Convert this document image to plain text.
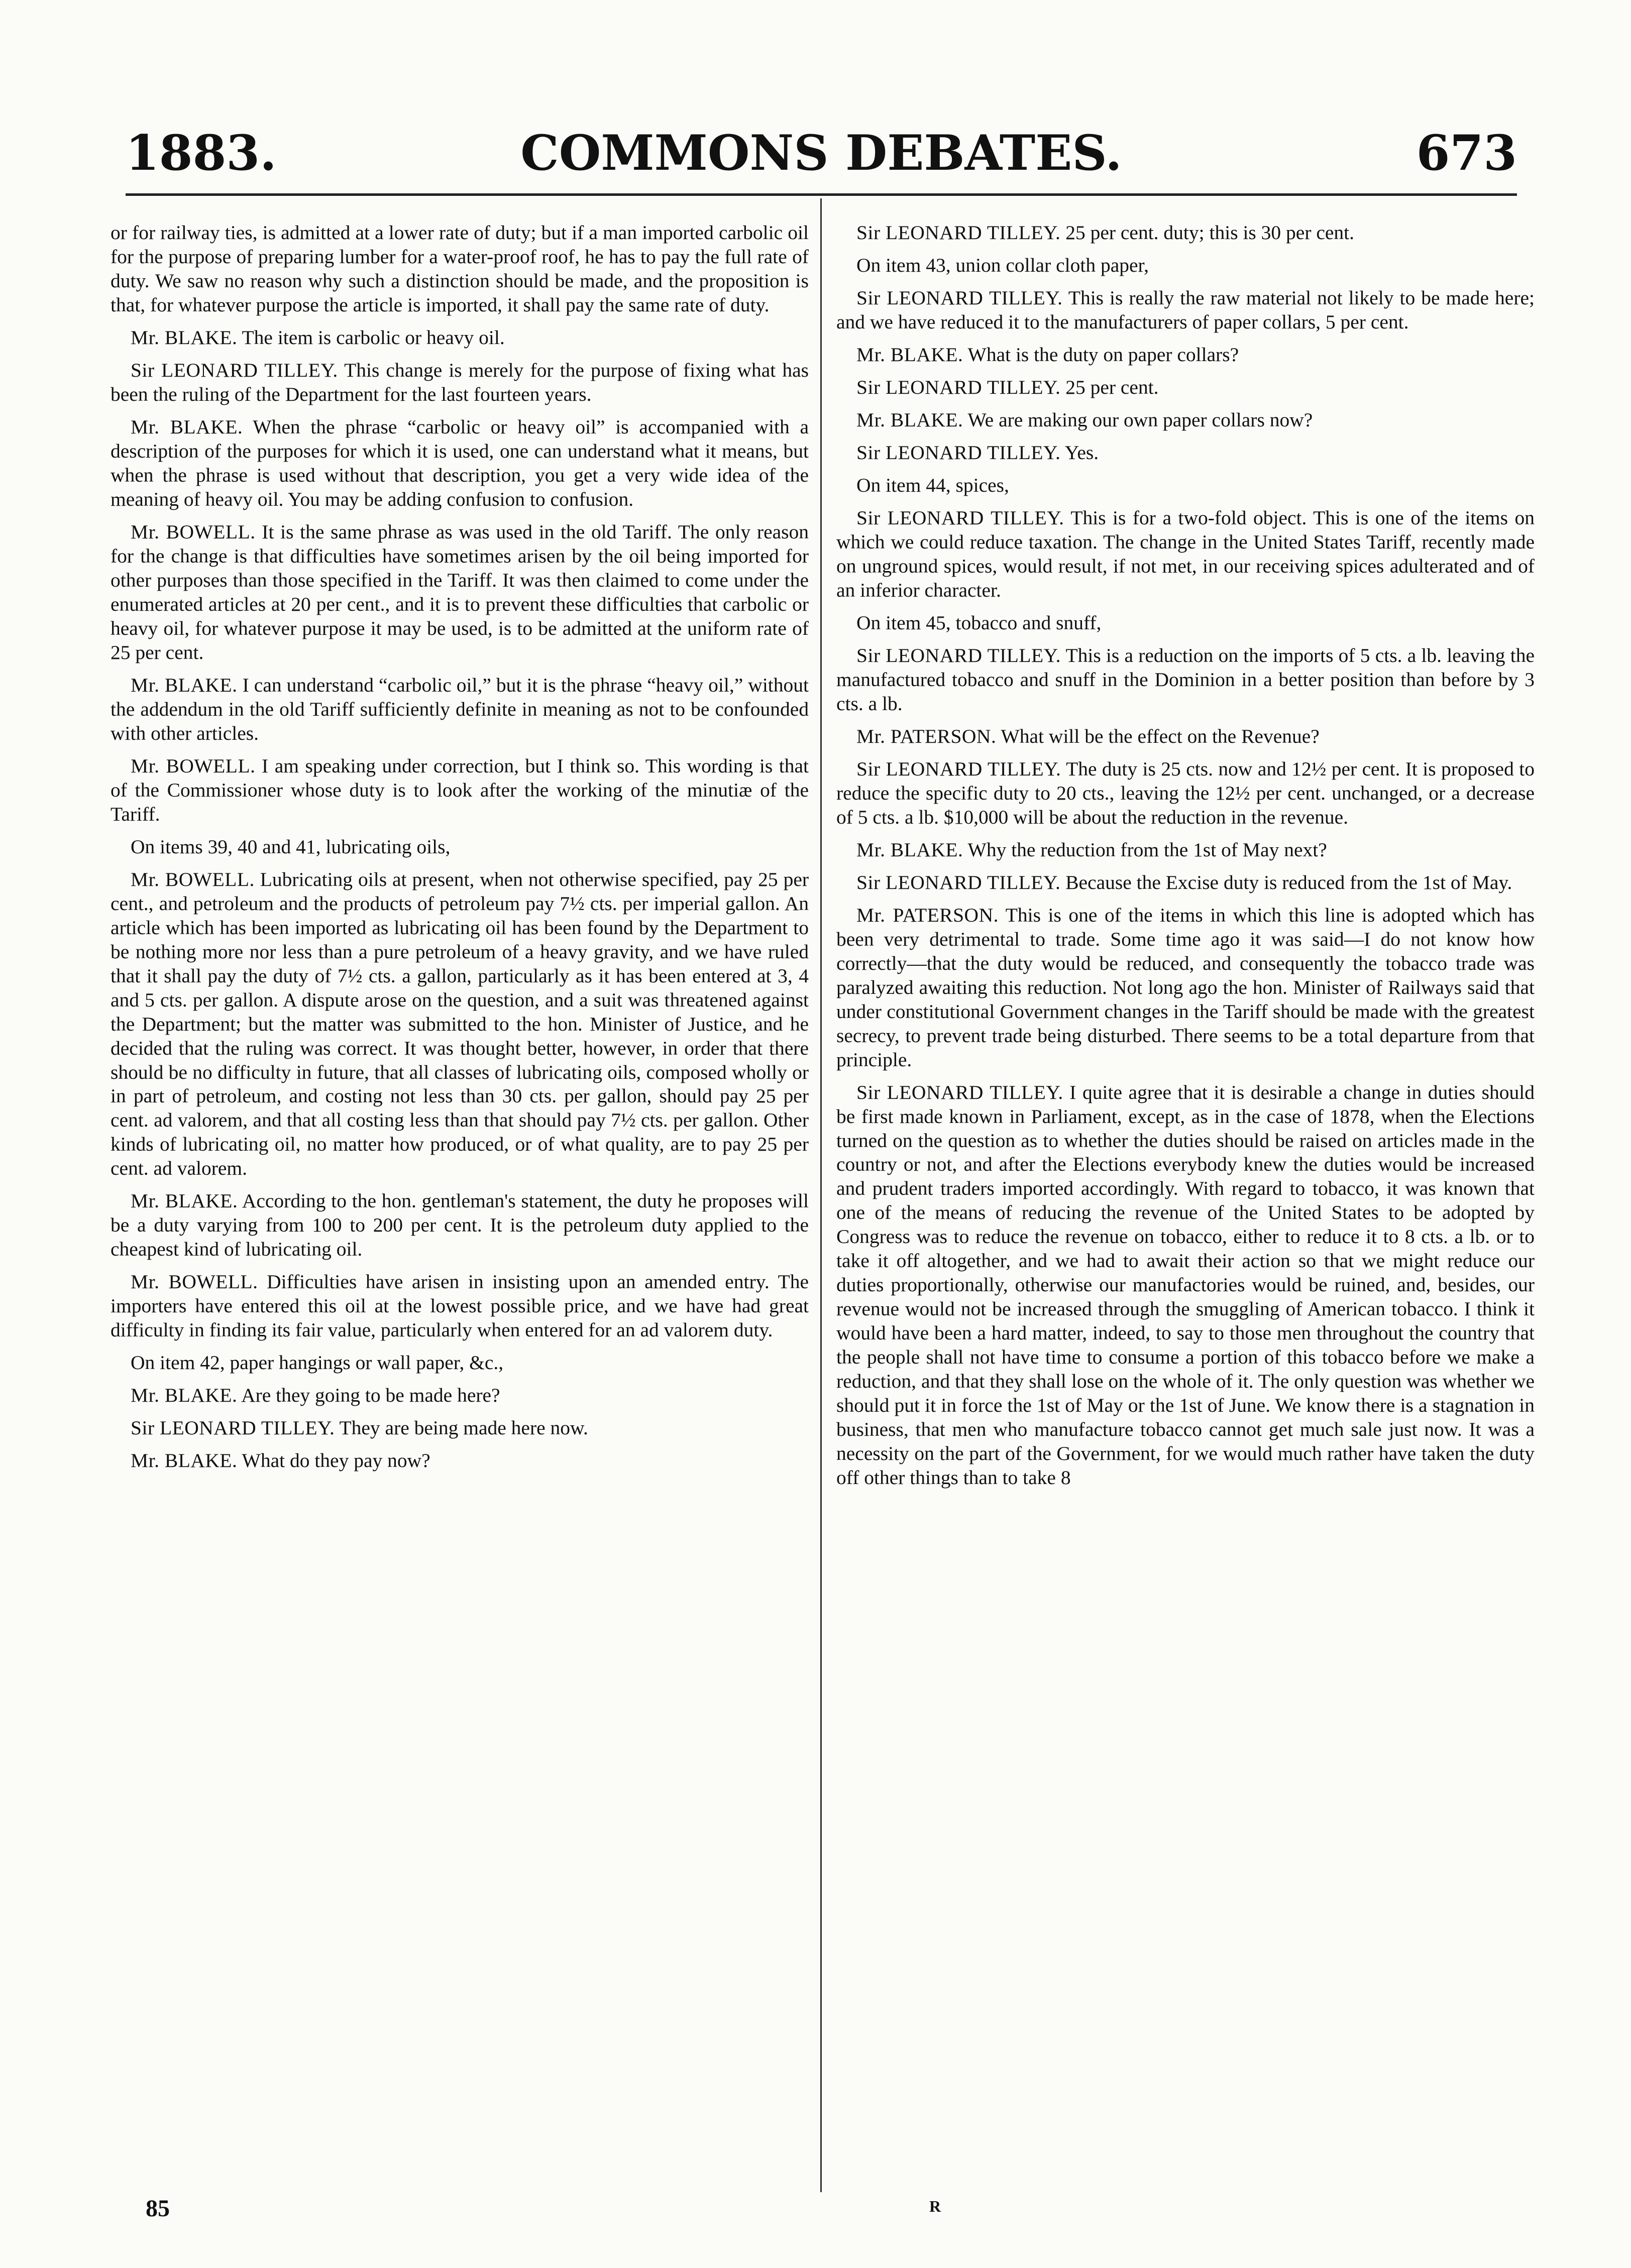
1883.	COMMONS DEBATES.	673

or for railway ties, is admitted at a lower rate of duty; but if a man imported carbolic oil for the purpose of preparing lumber for a water-proof roof, he has to pay the full rate of duty. We saw no reason why such a distinction should be made, and the proposition is that, for whatever purpose the article is imported, it shall pay the same rate of duty.

Mr. BLAKE. The item is carbolic or heavy oil.

Sir LEONARD TILLEY. This change is merely for the purpose of fixing what has been the ruling of the Department for the last fourteen years.

Mr. BLAKE. When the phrase “carbolic or heavy oil” is accompanied with a description of the purposes for which it is used, one can understand what it means, but when the phrase is used without that description, you get a very wide idea of the meaning of heavy oil. You may be adding confusion to confusion.

Mr. BOWELL. It is the same phrase as was used in the old Tariff. The only reason for the change is that difficulties have sometimes arisen by the oil being imported for other purposes than those specified in the Tariff. It was then claimed to come under the enumerated articles at 20 per cent., and it is to prevent these difficulties that carbolic or heavy oil, for whatever purpose it may be used, is to be admitted at the uniform rate of 25 per cent.

Mr. BLAKE. I can understand “carbolic oil,” but it is the phrase “heavy oil,” without the addendum in the old Tariff sufficiently definite in meaning as not to be confounded with other articles.

Mr. BOWELL. I am speaking under correction, but I think so. This wording is that of the Commissioner whose duty is to look after the working of the minutiæ of the Tariff.

On items 39, 40 and 41, lubricating oils,

Mr. BOWELL. Lubricating oils at present, when not otherwise specified, pay 25 per cent., and petroleum and the products of petroleum pay 7½ cts. per imperial gallon. An article which has been imported as lubricating oil has been found by the Department to be nothing more nor less than a pure petroleum of a heavy gravity, and we have ruled that it shall pay the duty of 7½ cts. a gallon, particularly as it has been entered at 3, 4 and 5 cts. per gallon. A dispute arose on the question, and a suit was threatened against the Department; but the matter was submitted to the hon. Minister of Justice, and he decided that the ruling was correct. It was thought better, however, in order that there should be no difficulty in future, that all classes of lubricating oils, composed wholly or in part of petroleum, and costing not less than 30 cts. per gallon, should pay 25 per cent. ad valorem, and that all costing less than that should pay 7½ cts. per gallon. Other kinds of lubricating oil, no matter how produced, or of what quality, are to pay 25 per cent. ad valorem.

Mr. BLAKE. According to the hon. gentleman's statement, the duty he proposes will be a duty varying from 100 to 200 per cent. It is the petroleum duty applied to the cheapest kind of lubricating oil.

Mr. BOWELL. Difficulties have arisen in insisting upon an amended entry. The importers have entered this oil at the lowest possible price, and we have had great difficulty in finding its fair value, particularly when entered for an ad valorem duty.

On item 42, paper hangings or wall paper, &c.,

Mr. BLAKE. Are they going to be made here?

Sir LEONARD TILLEY. They are being made here now.

Mr. BLAKE. What do they pay now?

Sir LEONARD TILLEY. 25 per cent. duty; this is 30 per cent.

On item 43, union collar cloth paper,

Sir LEONARD TILLEY. This is really the raw material not likely to be made here; and we have reduced it to the manufacturers of paper collars, 5 per cent.

Mr. BLAKE. What is the duty on paper collars?

Sir LEONARD TILLEY. 25 per cent.

Mr. BLAKE. We are making our own paper collars now?

Sir LEONARD TILLEY. Yes.

On item 44, spices,

Sir LEONARD TILLEY. This is for a two-fold object. This is one of the items on which we could reduce taxation. The change in the United States Tariff, recently made on unground spices, would result, if not met, in our receiving spices adulterated and of an inferior character.

On item 45, tobacco and snuff,

Sir LEONARD TILLEY. This is a reduction on the imports of 5 cts. a lb. leaving the manufactured tobacco and snuff in the Dominion in a better position than before by 3 cts. a lb.

Mr. PATERSON. What will be the effect on the Revenue?

Sir LEONARD TILLEY. The duty is 25 cts. now and 12½ per cent. It is proposed to reduce the specific duty to 20 cts., leaving the 12½ per cent. unchanged, or a decrease of 5 cts. a lb. $10,000 will be about the reduction in the revenue.

Mr. BLAKE. Why the reduction from the 1st of May next?

Sir LEONARD TILLEY. Because the Excise duty is reduced from the 1st of May.

Mr. PATERSON. This is one of the items in which this line is adopted which has been very detrimental to trade. Some time ago it was said—I do not know how correctly—that the duty would be reduced, and consequently the tobacco trade was paralyzed awaiting this reduction. Not long ago the hon. Minister of Railways said that under constitutional Government changes in the Tariff should be made with the greatest secrecy, to prevent trade being disturbed. There seems to be a total departure from that principle.

Sir LEONARD TILLEY. I quite agree that it is desirable a change in duties should be first made known in Parliament, except, as in the case of 1878, when the Elections turned on the question as to whether the duties should be raised on articles made in the country or not, and after the Elections everybody knew the duties would be increased and prudent traders imported accordingly. With regard to tobacco, it was known that one of the means of reducing the revenue of the United States to be adopted by Congress was to reduce the revenue on tobacco, either to reduce it to 8 cts. a lb. or to take it off altogether, and we had to await their action so that we might reduce our duties proportionally, otherwise our manufactories would be ruined, and, besides, our revenue would not be increased through the smuggling of American tobacco. I think it would have been a hard matter, indeed, to say to those men throughout the country that the people shall not have time to consume a portion of this tobacco before we make a reduction, and that they shall lose on the whole of it. The only question was whether we should put it in force the 1st of May or the 1st of June. We know there is a stagnation in business, that men who manufacture tobacco cannot get much sale just now. It was a necessity on the part of the Government, for we would much rather have taken the duty off other things than to take 8

85	R
